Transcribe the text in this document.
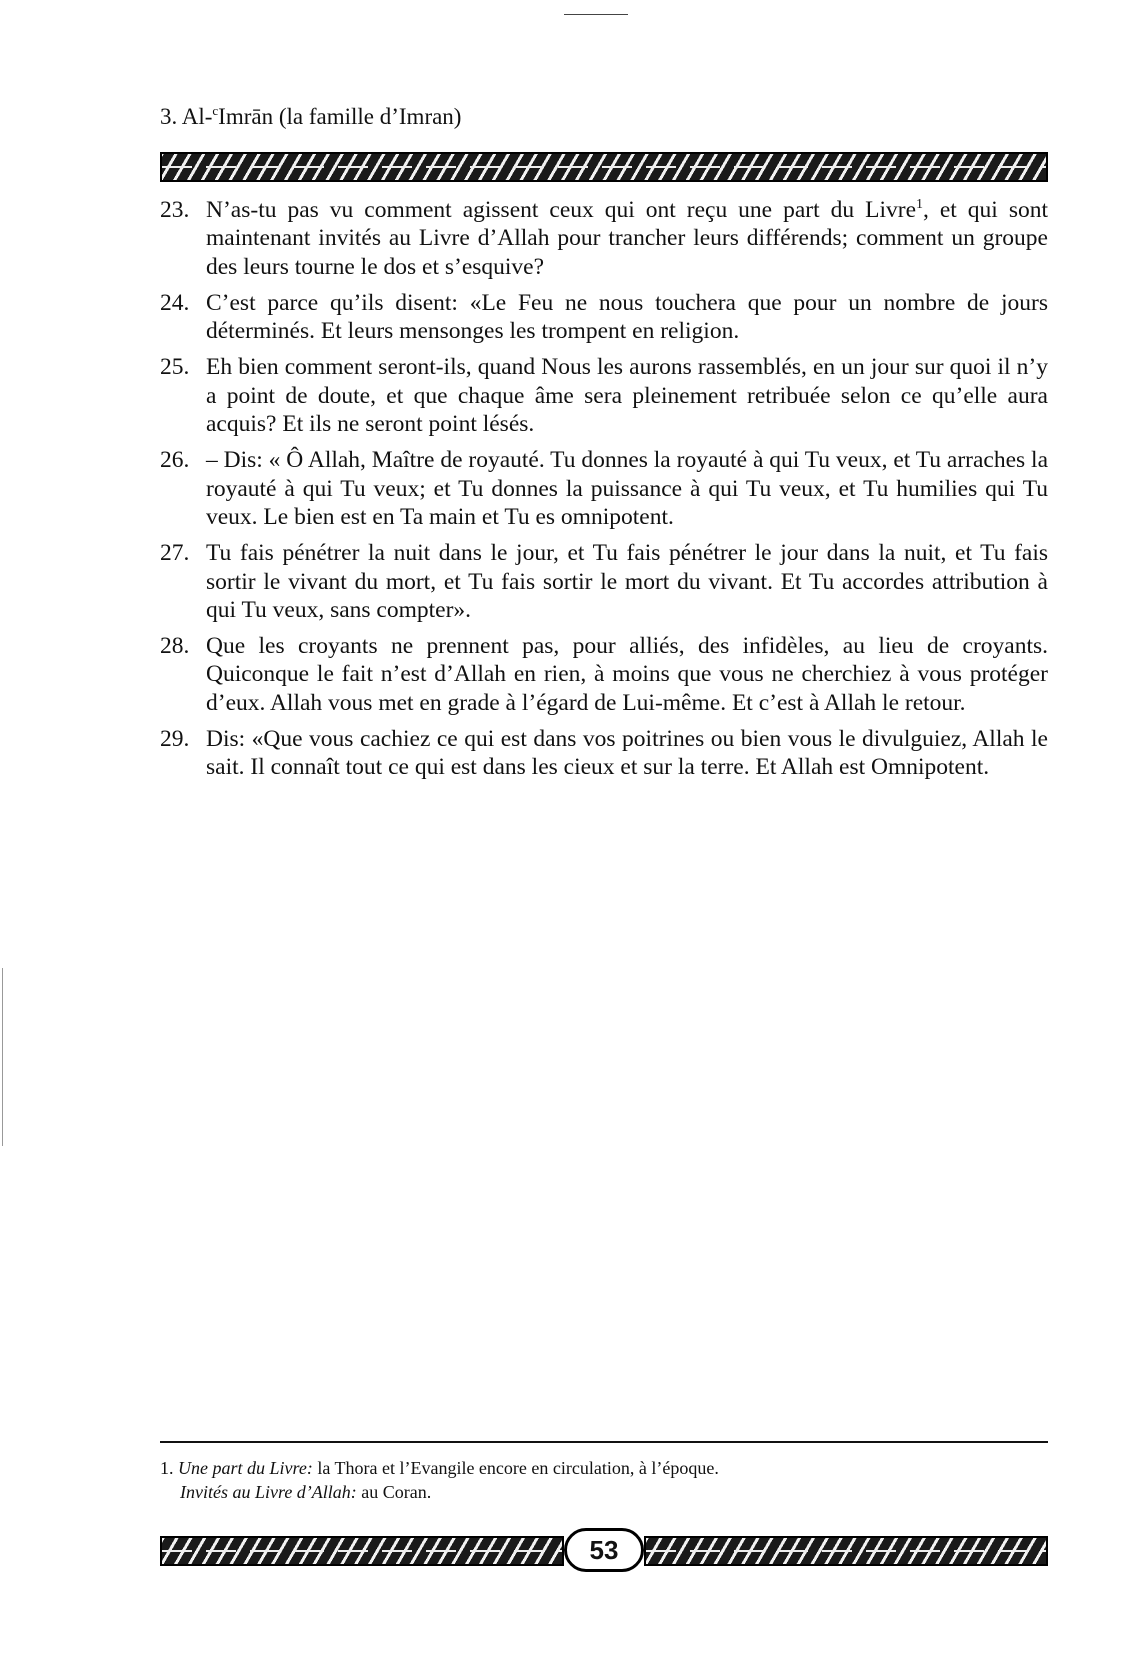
3. Al-$^c$Imrān (la famille d’Imran)
23. N’as-tu pas vu comment agissent ceux qui ont reçu une part du Livre$^1$, et qui sont maintenant invités au Livre d’Allah pour trancher leurs différends; comment un groupe des leurs tourne le dos et s’esquive?
24. C’est parce qu’ils disent: «Le Feu ne nous touchera que pour un nombre de jours déterminés. Et leurs mensonges les trompent en religion.
25. Eh bien comment seront-ils, quand Nous les aurons rassemblés, en un jour sur quoi il n’y a point de doute, et que chaque âme sera pleinement retribuée selon ce qu’elle aura acquis? Et ils ne seront point lésés.
26. – Dis: « Ô Allah, Maître de royauté. Tu donnes la royauté à qui Tu veux, et Tu arraches la royauté à qui Tu veux; et Tu donnes la puissance à qui Tu veux, et Tu humilies qui Tu veux. Le bien est en Ta main et Tu es omnipotent.
27. Tu fais pénétrer la nuit dans le jour, et Tu fais pénétrer le jour dans la nuit, et Tu fais sortir le vivant du mort, et Tu fais sortir le mort du vivant. Et Tu accordes attribution à qui Tu veux, sans compter».
28. Que les croyants ne prennent pas, pour alliés, des infidèles, au lieu de croyants. Quiconque le fait n’est d’Allah en rien, à moins que vous ne cherchiez à vous protéger d’eux. Allah vous met en grade à l’égard de Lui-même. Et c’est à Allah le retour.
29. Dis: «Que vous cachiez ce qui est dans vos poitrines ou bien vous le divulguiez, Allah le sait. Il connaît tout ce qui est dans les cieux et sur la terre. Et Allah est Omnipotent.
1. Une part du Livre: la Thora et l’Evangile encore en circulation, à l’époque.
Invités au Livre d’Allah: au Coran.
53
